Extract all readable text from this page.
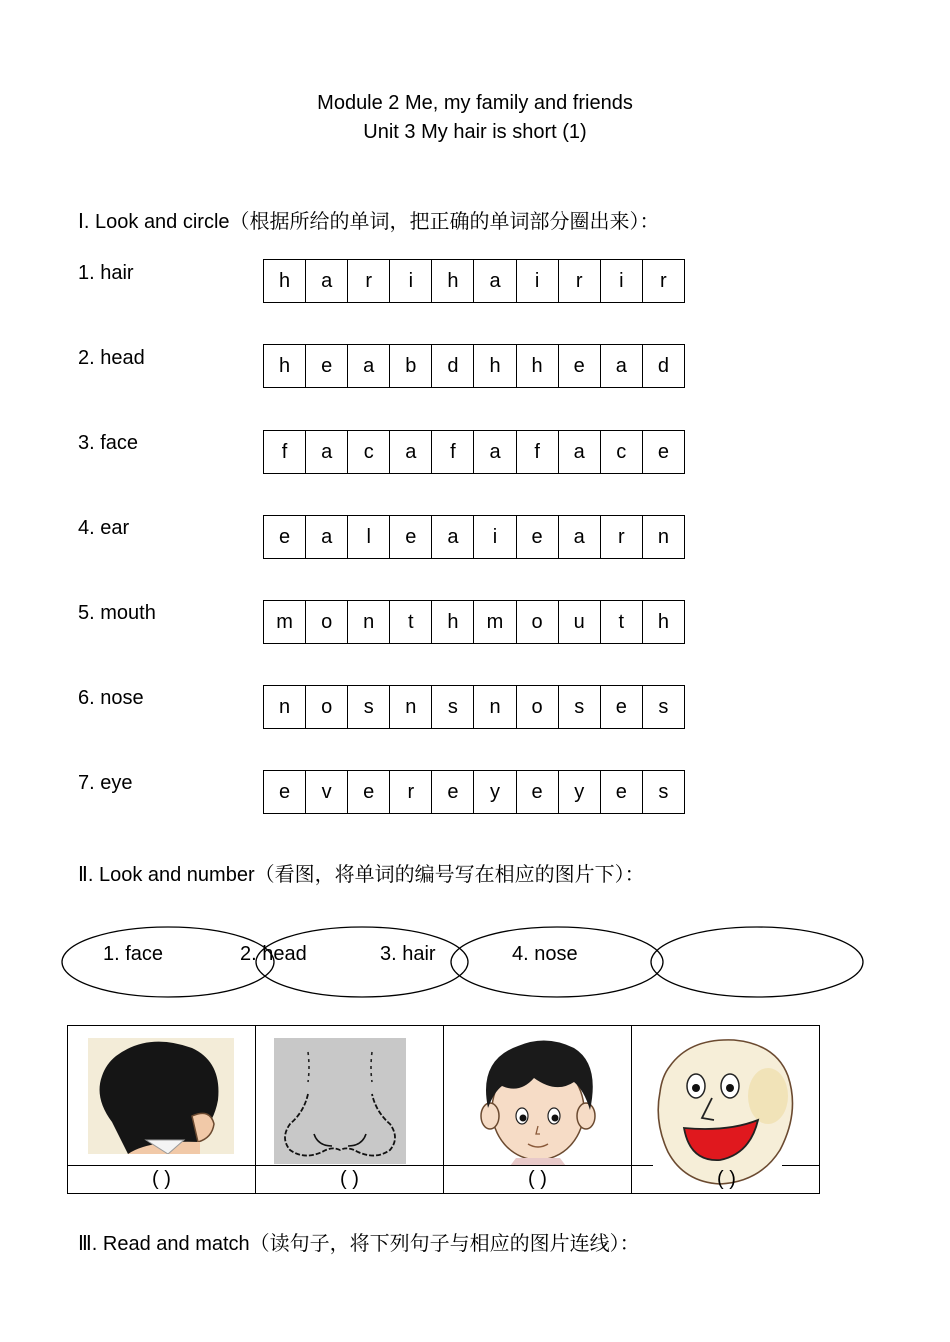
Module 2 Me, my family and friends
Unit 3 My hair is short (1)
Ⅰ. Look and circle（根据所给的单词，把正确的单词部分圈出来）：
1. hair	h	a	r	i	h	a	i	r	i	r
2. head	h	e	a	b	d	h	h	e	a	d
3. face	f	a	c	a	f	a	f	a	c	e
4. ear	e	a	l	e	a	i	e	a	r	n
5. mouth	m	o	n	t	h	m	o	u	t	h
6. nose	n	o	s	n	s	n	o	s	e	s
7. eye	e	v	e	r	e	y	e	y	e	s
Ⅱ. Look and number（看图，将单词的编号写在相应的图片下）：
1. face	2. head	3. hair	4. nose
( )	( )	( )	( )
Ⅲ. Read and match（读句子，将下列句子与相应的图片连线）：
